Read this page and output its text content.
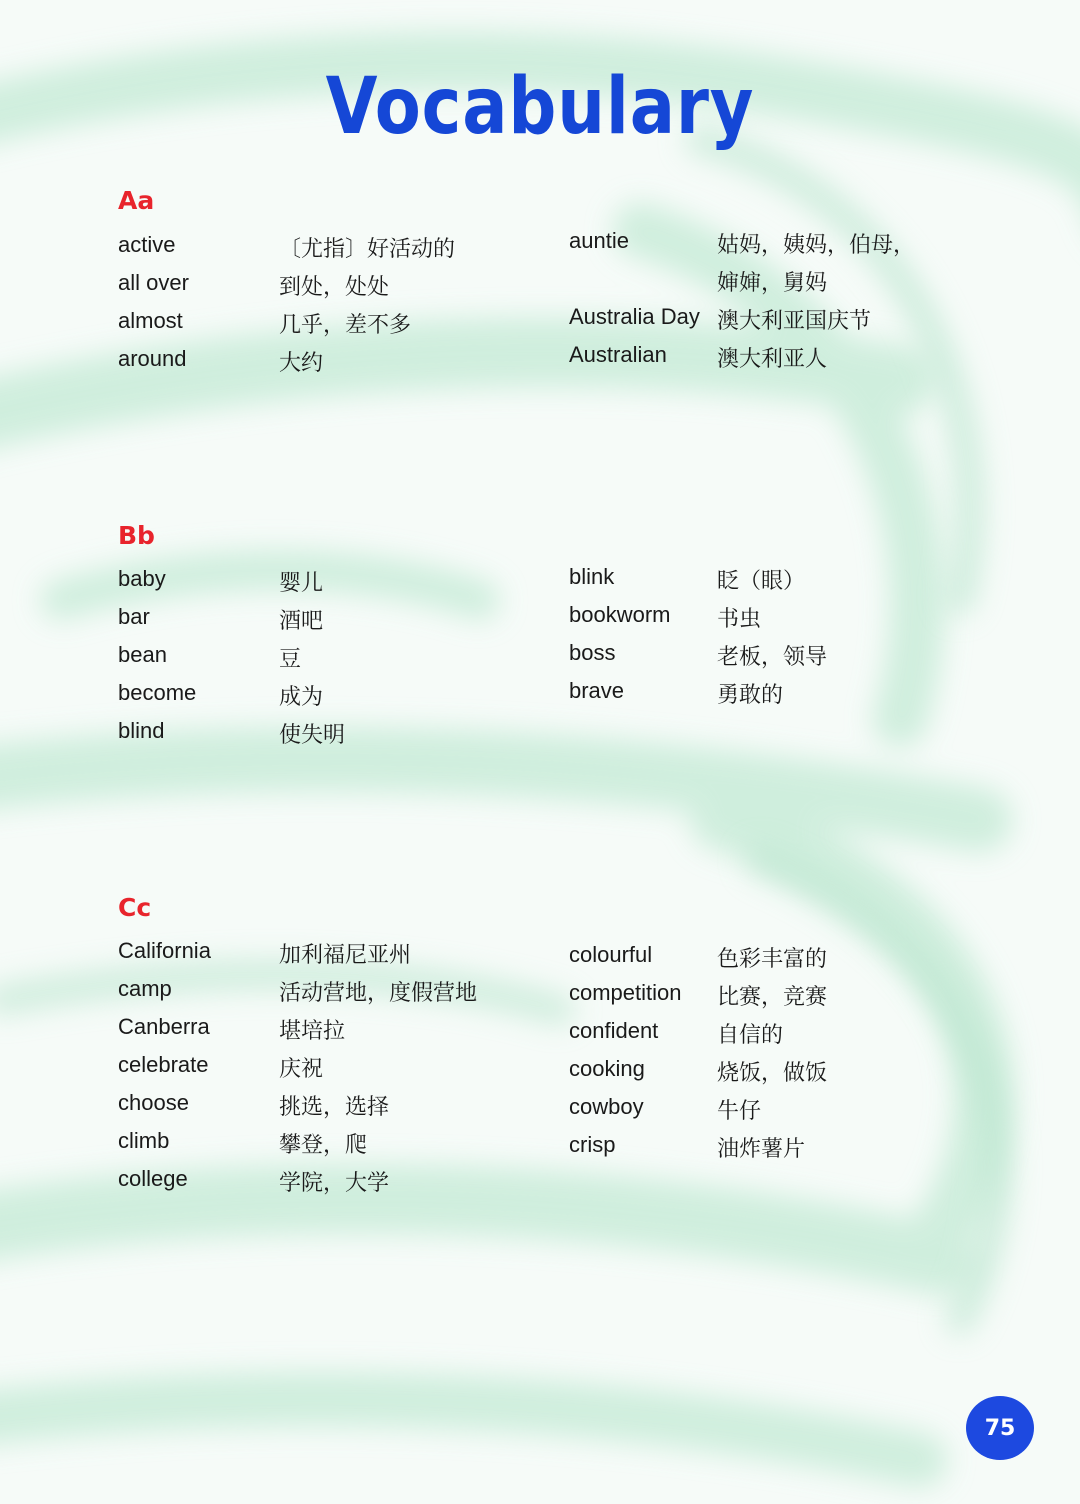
Vocabulary
Aa
active	〔尤指〕好活动的
all over	到处，处处
almost	几乎，差不多
around	大约
auntie	姑妈，姨妈，伯母，
婶婶，舅妈
Australia Day 澳大利亚国庆节
Australian 澳大利亚人
Bb
baby	婴儿
bar	酒吧
bean	豆
become	成为
blind	使失明
blink	眨（眼）
bookworm 书虫
boss	老板，领导
brave	勇敢的
Cc
California	加利福尼亚州
camp	活动营地，度假营地
Canberra	堪培拉
celebrate	庆祝
choose	挑选，选择
climb	攀登，爬
college	学院，大学
colourful	色彩丰富的
competition 比赛，竞赛
confident	自信的
cooking	烧饭，做饭
cowboy	牛仔
crisp	油炸薯片
75
